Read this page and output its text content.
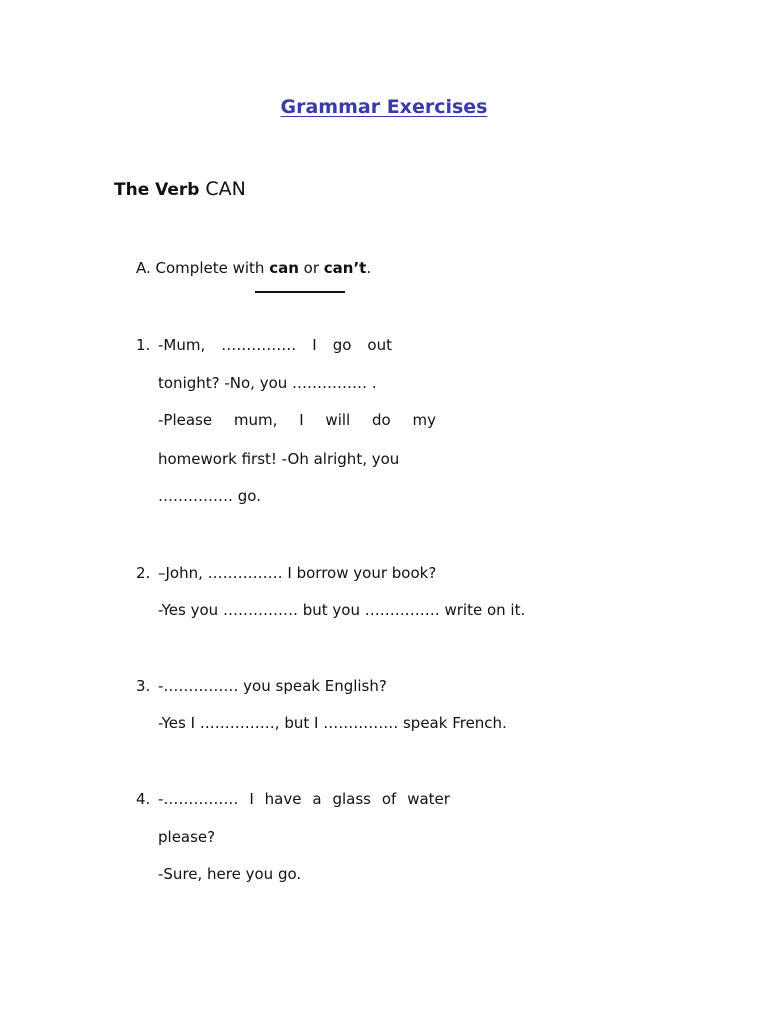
Grammar Exercises
The Verb CAN
A. Complete with can or can’t.
1. -Mum, …………… I go out
tonight? -No, you …………… .
-Please mum, I will do my
homework first! -Oh alright, you
…………… go.
2. –John, …………… I borrow your book?
-Yes you …………… but you …………… write on it.
3. -…………… you speak English?
-Yes I ……………, but I …………… speak French.
4. -…………… I have a glass of water
please?
-Sure, here you go.
